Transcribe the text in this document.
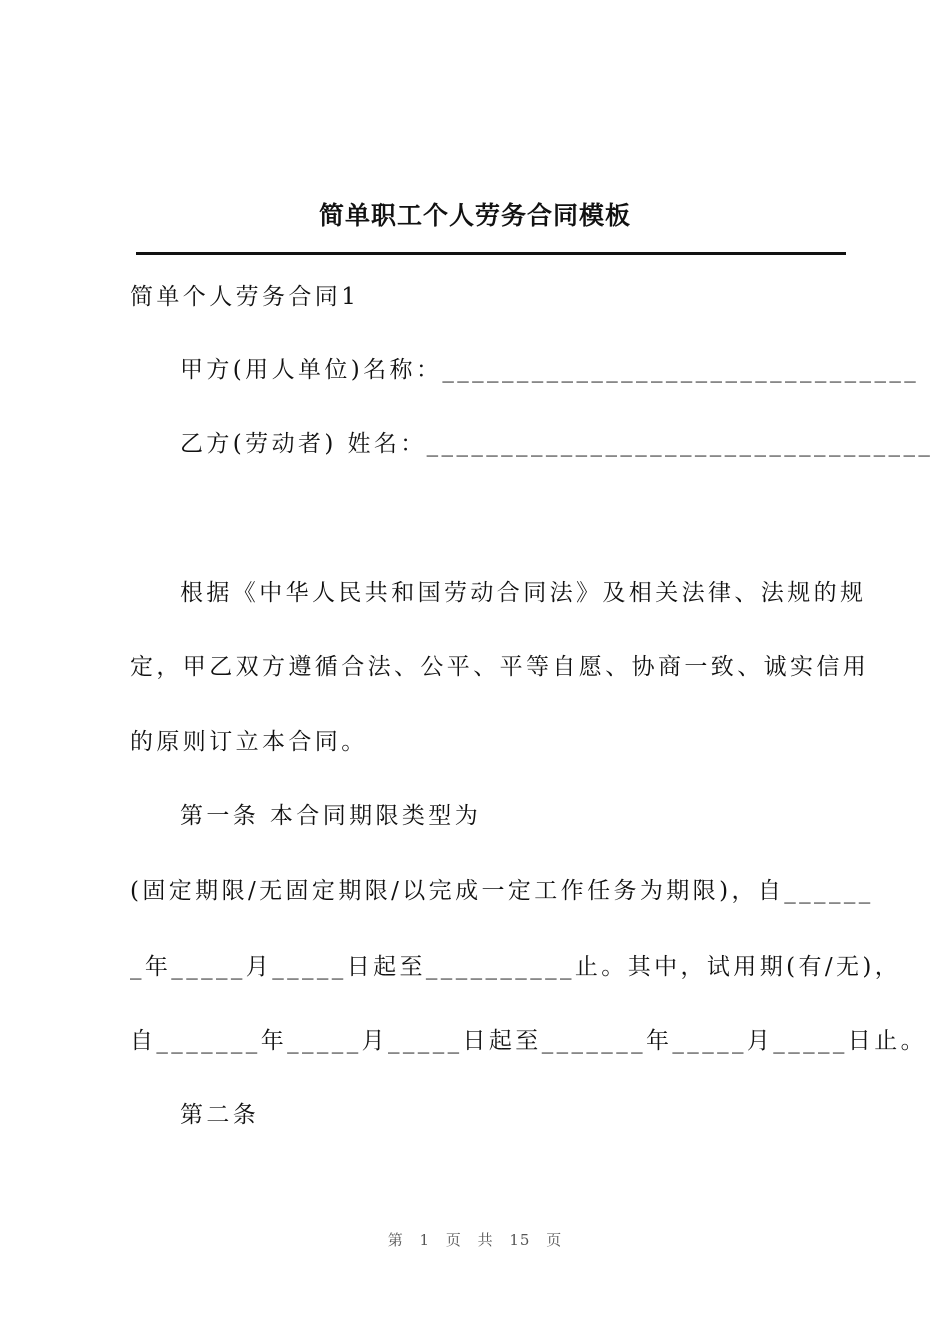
简单职工个人劳务合同模板
简单个人劳务合同1
甲方(用人单位)名称：________________________________
乙方(劳动者) 姓名：__________________________________
根据《中华人民共和国劳动合同法》及相关法律、法规的规
定，甲乙双方遵循合法、公平、平等自愿、协商一致、诚实信用
的原则订立本合同。
第一条 本合同期限类型为
(固定期限/无固定期限/以完成一定工作任务为期限)，自______
_年_____月_____日起至__________止。其中，试用期(有/无)，
自_______年_____月_____日起至_______年_____月_____日止。
第二条
第 1 页 共 15 页
